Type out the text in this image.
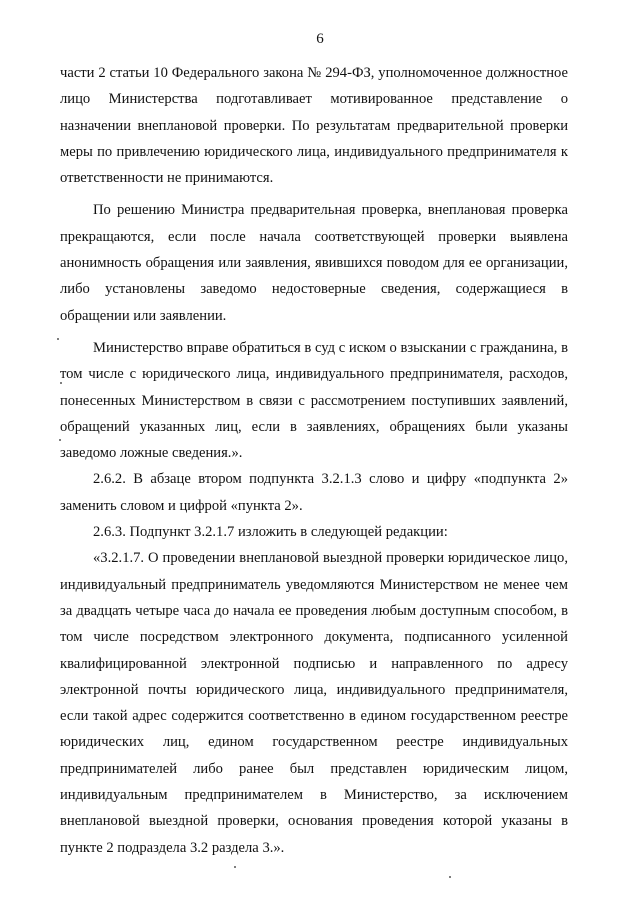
6

части 2 статьи 10 Федерального закона № 294-ФЗ, уполномоченное должностное лицо Министерства подготавливает мотивированное представление о назначении внеплановой проверки. По результатам предварительной проверки меры по привлечению юридического лица, индивидуального предпринимателя к ответственности не принимаются.

По решению Министра предварительная проверка, внеплановая проверка прекращаются, если после начала соответствующей проверки выявлена анонимность обращения или заявления, явившихся поводом для ее организации, либо установлены заведомо недостоверные сведения, содержащиеся в обращении или заявлении.

Министерство вправе обратиться в суд с иском о взыскании с гражданина, в том числе с юридического лица, индивидуального предпринимателя, расходов, понесенных Министерством в связи с рассмотрением поступивших заявлений, обращений указанных лиц, если в заявлениях, обращениях были указаны заведомо ложные сведения.».

2.6.2. В абзаце втором подпункта 3.2.1.3 слово и цифру «подпункта 2» заменить словом и цифрой «пункта 2».

2.6.3. Подпункт 3.2.1.7 изложить в следующей редакции:

«3.2.1.7. О проведении внеплановой выездной проверки юридическое лицо, индивидуальный предприниматель уведомляются Министерством не менее чем за двадцать четыре часа до начала ее проведения любым доступным способом, в том числе посредством электронного документа, подписанного усиленной квалифицированной электронной подписью и направленного по адресу электронной почты юридического лица, индивидуального предпринимателя, если такой адрес содержится соответственно в едином государственном реестре юридических лиц, едином государственном реестре индивидуальных предпринимателей либо ранее был представлен юридическим лицом, индивидуальным предпринимателем в Министерство, за исключением внеплановой выездной проверки, основания проведения которой указаны в пункте 2 подраздела 3.2 раздела 3.».
